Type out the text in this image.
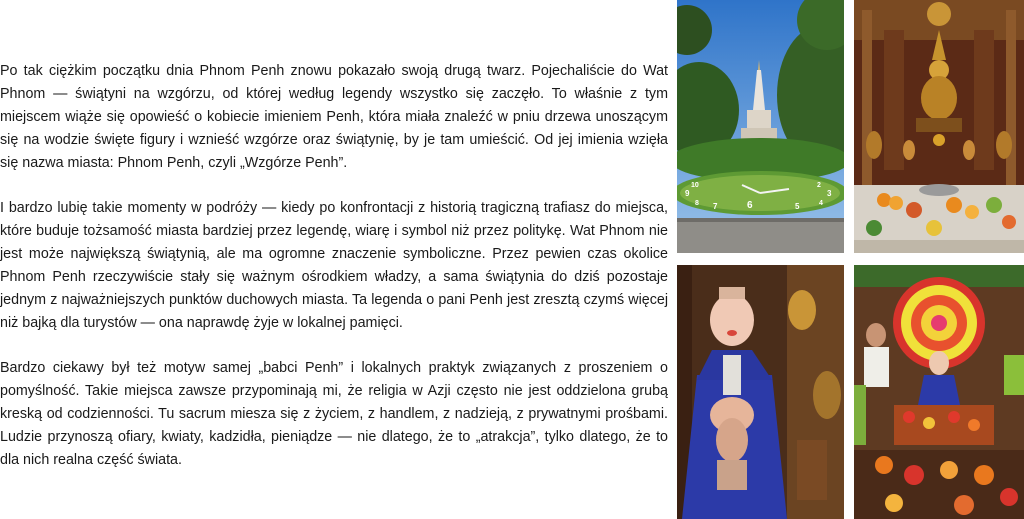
Po tak ciężkim początku dnia Phnom Penh znowu pokazało swoją drugą twarz. Pojechaliście do Wat Phnom — świątyni na wzgórzu, od której według legendy wszystko się zaczęło. To właśnie z tym miejscem wiąże się opowieść o kobiecie imieniem Penh, która miała znaleźć w pniu drzewa unoszącym się na wodzie święte figury i wznieść wzgórze oraz świątynię, by je tam umieścić. Od jej imienia wzięła się nazwa miasta: Phnom Penh, czyli „Wzgórze Penh”.

I bardzo lubię takie momenty w podróży — kiedy po konfrontacji z historią tragiczną trafiasz do miejsca, które buduje tożsamość miasta bardziej przez legendę, wiarę i symbol niż przez politykę. Wat Phnom nie jest może największą świątynią, ale ma ogromne znaczenie symboliczne. Przez pewien czas okolice Phnom Penh rzeczywiście stały się ważnym ośrodkiem władzy, a sama świątynia do dziś pozostaje jednym z najważniejszych punktów duchowych miasta. Ta legenda o pani Penh jest zresztą czymś więcej niż bajką dla turystów — ona naprawdę żyje w lokalnej pamięci.

Bardzo ciekawy był też motyw samej „babci Penh” i lokalnych praktyk związanych z proszeniem o pomyślność. Takie miejsca zawsze przypominają mi, że religia w Azji często nie jest oddzielona grubą kreską od codzienności. Tu sacrum miesza się z życiem, z handlem, z nadzieją, z prywatnymi prośbami. Ludzie przynoszą ofiary, kwiaty, kadzidła, pieniądze — nie dlatego, że to „atrakcja”, tylko dlatego, że to dla nich realna część świata.

6
3
9
2
10
4
8	5
7
